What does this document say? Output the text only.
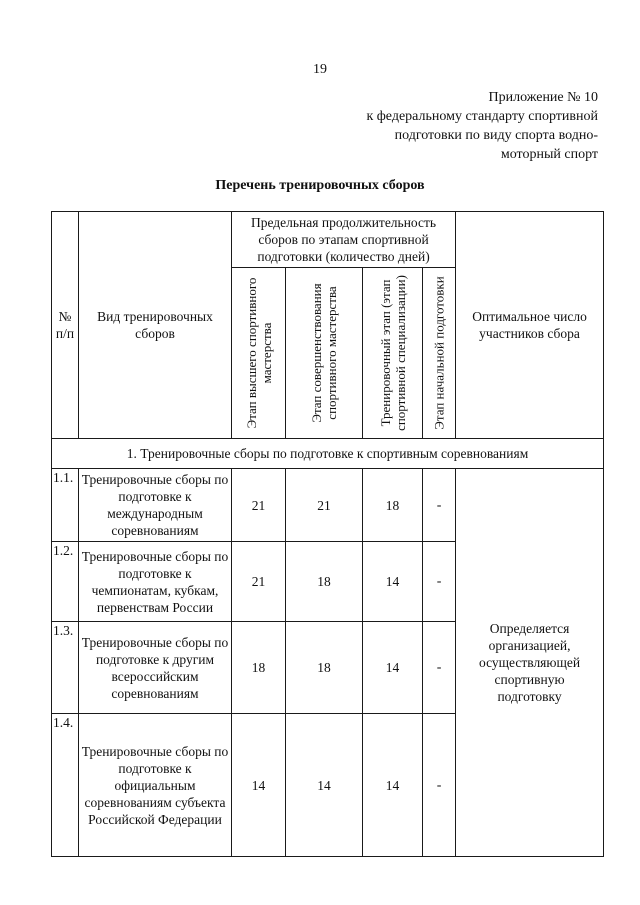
19
Приложение № 10
к федеральному стандарту спортивной
подготовки по виду спорта водно-
моторный спорт
Перечень тренировочных сборов
№ п/п	Вид тренировочных сборов	Предельная продолжительность сборов по этапам спортивной подготовки (количество дней)				Оптимальное число участников сбора

		Этап высшего спортивного мастерства	Этап совершенствования спортивного мастерства	Тренировочный этап (этап спортивной специализации)	Этап начальной подготовки	

1. Тренировочные сборы по подготовке к спортивным соревнованиям						
1.1.	Тренировочные сборы по подготовке к международным соревнованиям	21	21	18	-	Определяется организацией, осуществляющей спортивную подготовку
1.2.	Тренировочные сборы по подготовке к чемпионатам, кубкам, первенствам России	21	18	14	-	
1.3.	Тренировочные сборы по подготовке к другим всероссийским соревнованиям	18	18	14	-	
1.4.	Тренировочные сборы по подготовке к официальным соревнованиям субъекта Российской Федерации	14	14	14	-	
